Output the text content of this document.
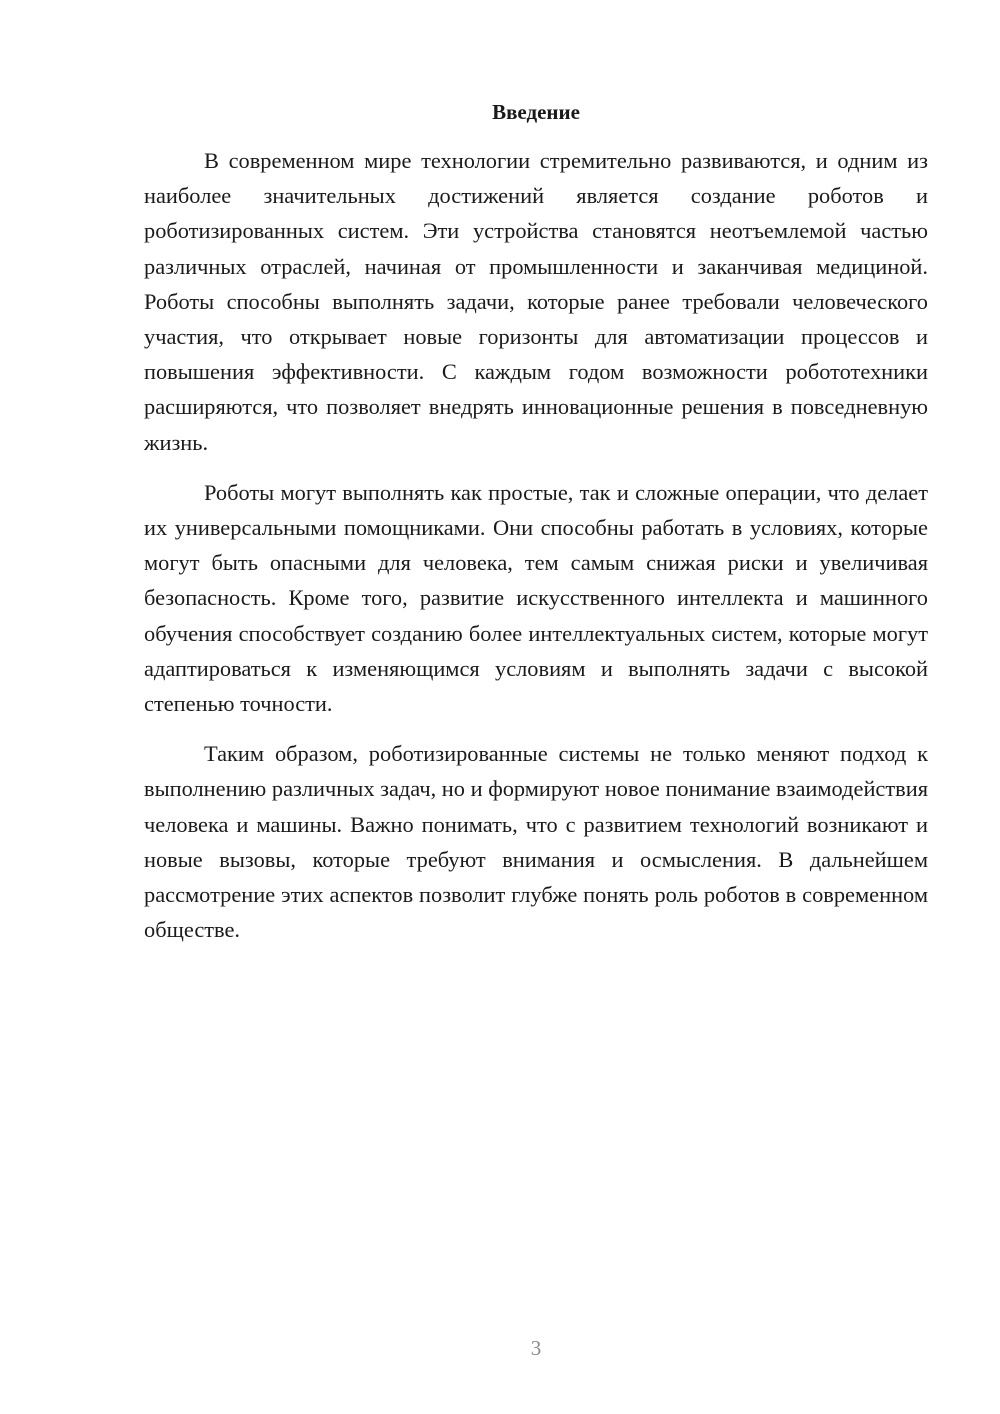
Введение

В современном мире технологии стремительно развиваются, и одним из наиболее значительных достижений является создание роботов и роботизированных систем. Эти устройства становятся неотъемлемой частью различных отраслей, начиная от промышленности и заканчивая медициной. Роботы способны выполнять задачи, которые ранее требовали человеческого участия, что открывает новые горизонты для автоматизации процессов и повышения эффективности. С каждым годом возможности робототехники расширяются, что позволяет внедрять инновационные решения в повседневную жизнь.

Роботы могут выполнять как простые, так и сложные операции, что делает их универсальными помощниками. Они способны работать в условиях, которые могут быть опасными для человека, тем самым снижая риски и увеличивая безопасность. Кроме того, развитие искусственного интеллекта и машинного обучения способствует созданию более интеллектуальных систем, которые могут адаптироваться к изменяющимся условиям и выполнять задачи с высокой степенью точности.

Таким образом, роботизированные системы не только меняют подход к выполнению различных задач, но и формируют новое понимание взаимодействия человека и машины. Важно понимать, что с развитием технологий возникают и новые вызовы, которые требуют внимания и осмысления. В дальнейшем рассмотрение этих аспектов позволит глубже понять роль роботов в современном обществе.

3
